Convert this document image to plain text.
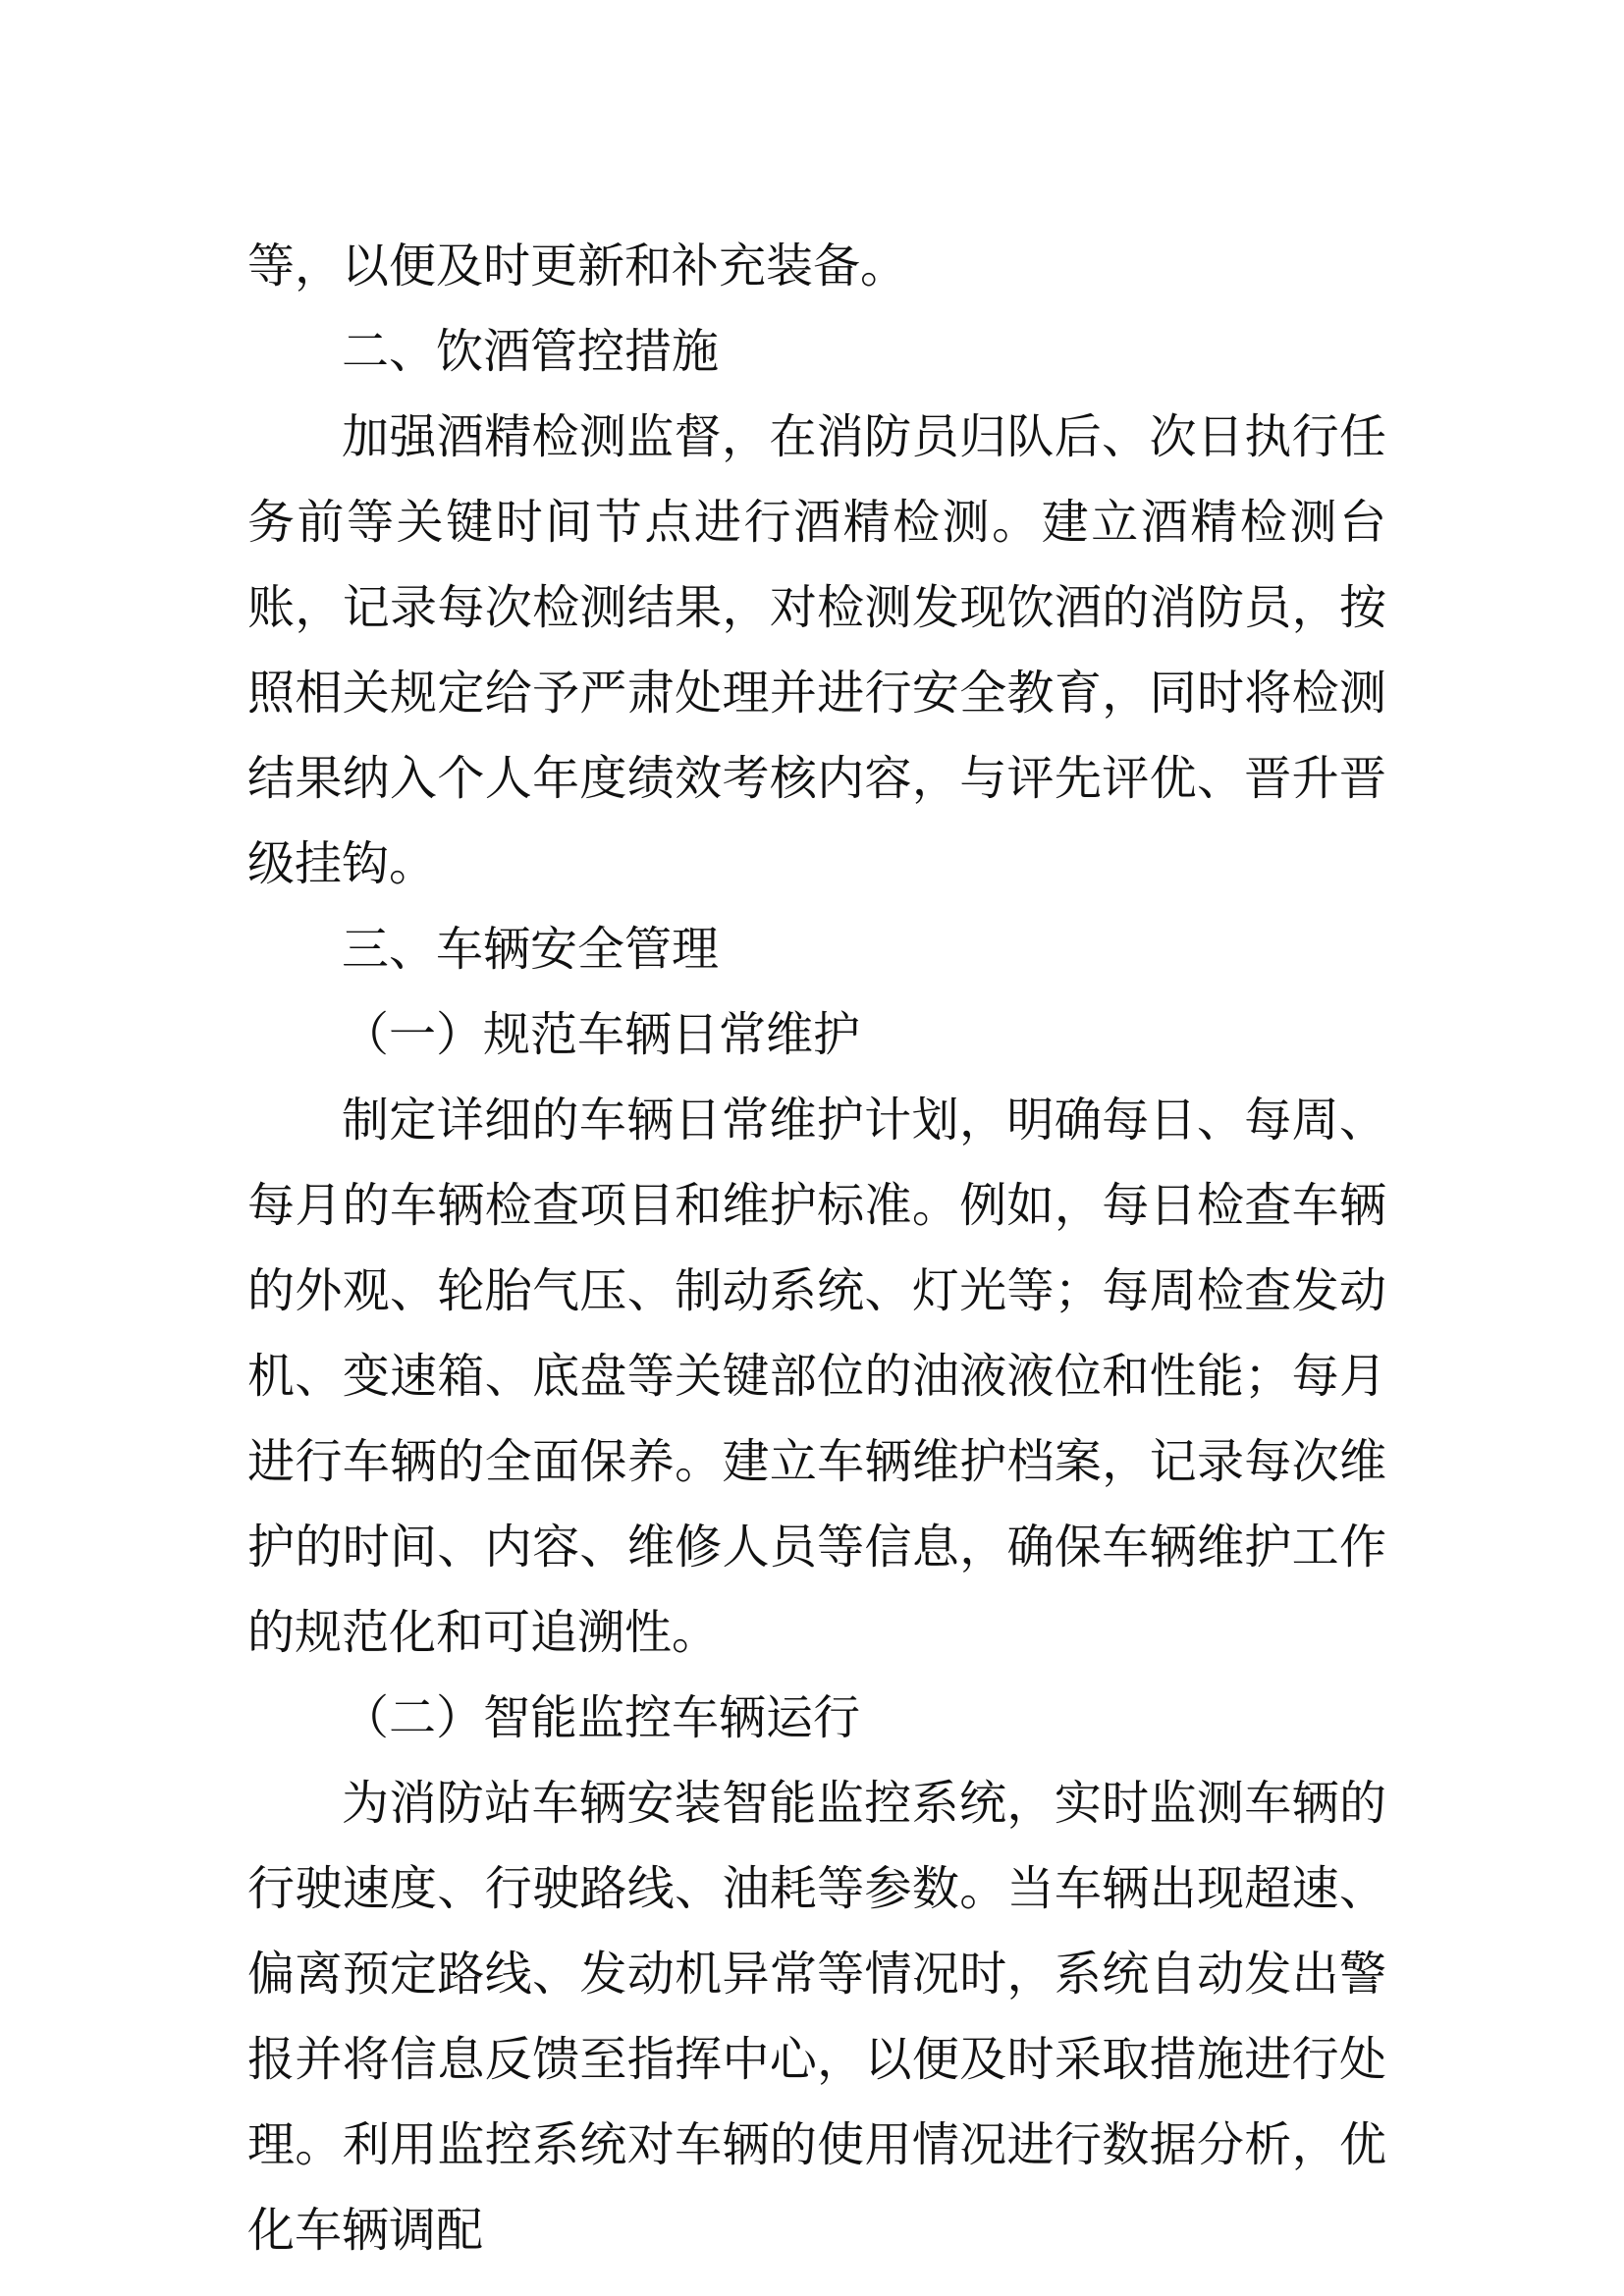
等，以便及时更新和补充装备。

二、饮酒管控措施

加强酒精检测监督，在消防员归队后、次日执行任务前等关键时间节点进行酒精检测。建立酒精检测台账，记录每次检测结果，对检测发现饮酒的消防员，按照相关规定给予严肃处理并进行安全教育，同时将检测结果纳入个人年度绩效考核内容，与评先评优、晋升晋级挂钩。

三、车辆安全管理

（一）规范车辆日常维护

制定详细的车辆日常维护计划，明确每日、每周、每月的车辆检查项目和维护标准。例如，每日检查车辆的外观、轮胎气压、制动系统、灯光等；每周检查发动机、变速箱、底盘等关键部位的油液液位和性能；每月进行车辆的全面保养。建立车辆维护档案，记录每次维护的时间、内容、维修人员等信息，确保车辆维护工作的规范化和可追溯性。

（二）智能监控车辆运行

为消防站车辆安装智能监控系统，实时监测车辆的行驶速度、行驶路线、油耗等参数。当车辆出现超速、偏离预定路线、发动机异常等情况时，系统自动发出警报并将信息反馈至指挥中心，以便及时采取措施进行处理。利用监控系统对车辆的使用情况进行数据分析，优化车辆调配
